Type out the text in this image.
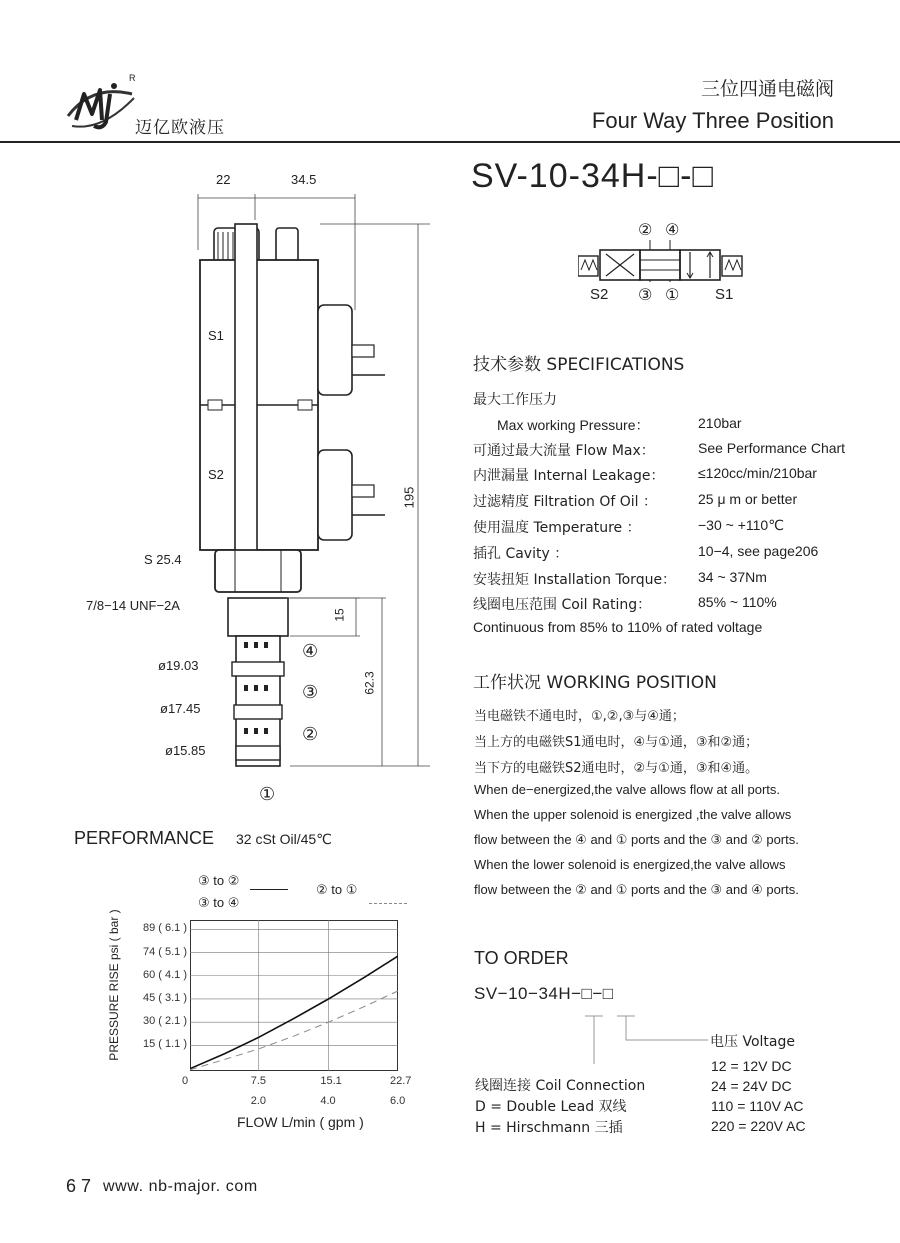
R
迈亿欧液压
三位四通电磁阀
Four Way Three Position
SV-10-34H-□-□
② ④
③ ①
S2	S1
22	34.5
195
S1
S2
S 25.4
7/8−14 UNF−2A
15
62.3
ø19.03
ø17.45
ø15.85
④
③
②
①
技术参数 SPECIFICATIONS
最大工作压力
Max working Pressure：	210bar
可通过最大流量 Flow Max：	See Performance Chart
内泄漏量 Internal Leakage： ≤120cc/min/210bar
过滤精度 Filtration Of Oil ：	25 μ m or better
使用温度 Temperature ：	−30 ~ +110℃
插孔 Cavity ：	10−4, see page206
安装扭矩 Installation Torque： 34 ~ 37Nm
线圈电压范围 Coil Rating：	85% ~ 110%
Continuous from 85% to 110% of rated voltage
工作状况 WORKING POSITION
当电磁铁不通电时，①,②,③与④通；
当上方的电磁铁S1通电时，④与①通，③和②通；
当下方的电磁铁S2通电时，②与①通，③和④通。
When de−energized,the valve allows flow at all ports.
When the upper solenoid is energized ,the valve allows
flow between the ④ and ① ports and the ③ and ② ports.
When the lower solenoid is energized,the valve allows
flow between the ② and ① ports and the ③ and ④ ports.
PERFORMANCE 32 cSt Oil/45℃
③ to ②
③ to ④
② to ①
PRESSURE RISE psi ( bar )
FLOW L/min ( gpm )
89 ( 6.1 )
74 ( 5.1 )
60 ( 4.1 )
45 ( 3.1 )
30 ( 2.1 )
15 ( 1.1 )
0	7.5	15.1	22.7
2.0	4.0	6.0
TO ORDER
SV−10−34H−□−□
电压 Voltage
12 = 12V DC
24 = 24V DC
110 = 110V AC
220 = 220V AC
线圈连接 Coil Connection
D = Double Lead 双线
H = Hirschmann 三插
6 7 www. nb-major. com
